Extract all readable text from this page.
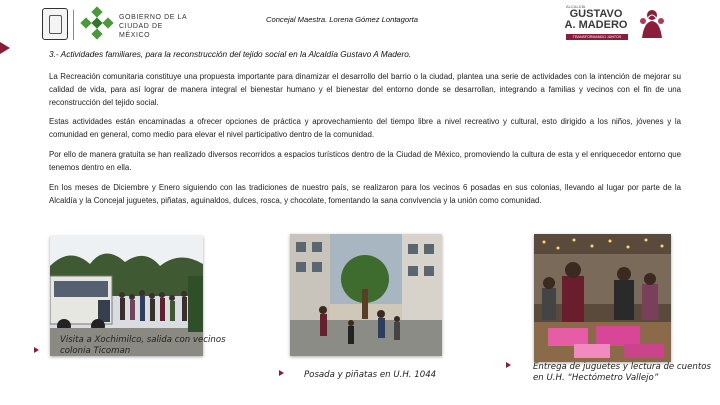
GOBIERNO DE LA
CIUDAD DE MÉXICO
Concejal Maestra. Lorena Gómez Lontagorta
ALCALDÍA
GUSTAVO
A. MADERO
TRANSFORMANDO JUNTOS
3.- Actividades familiares, para la reconstrucción del tejido social en la Alcaldía Gustavo A Madero.

La Recreación comunitaria constituye una propuesta importante para dinamizar el desarrollo del barrio o la ciudad, plantea una serie de actividades con la intención de mejorar su calidad de vida, para así lograr de manera integral el bienestar humano y el bienestar del entorno donde se desarrollan, integrando a familias y vecinos con el fin de una reconstrucción del tejido social.

Estas actividades están encaminadas a ofrecer opciones de práctica y aprovechamiento del tiempo libre a nivel recreativo y cultural, esto dirigido a los niños, jóvenes y la comunidad en general, como medio para elevar el nivel participativo dentro de la comunidad.

Por ello de manera gratuita se han realizado diversos recorridos a espacios turísticos dentro de la Ciudad de México, promoviendo la cultura de esta y el enriquecedor entorno que tenemos dentro en ella.

En los meses de Diciembre y Enero siguiendo con las tradiciones de nuestro país, se realizaron para los vecinos 6 posadas en sus colonias, llevando al lugar por parte de la Alcaldía y la Concejal juguetes, piñatas, aguinaldos, dulces, rosca, y chocolate, fomentando la sana convivencia y la unión como comunidad.

Visita a Xochimilco, salida con vecinos colonia Ticoman
Posada y piñatas en U.H. 1044
Entrega de juguetes y lectura de cuentos en U.H. “Hectómetro Vallejo”
